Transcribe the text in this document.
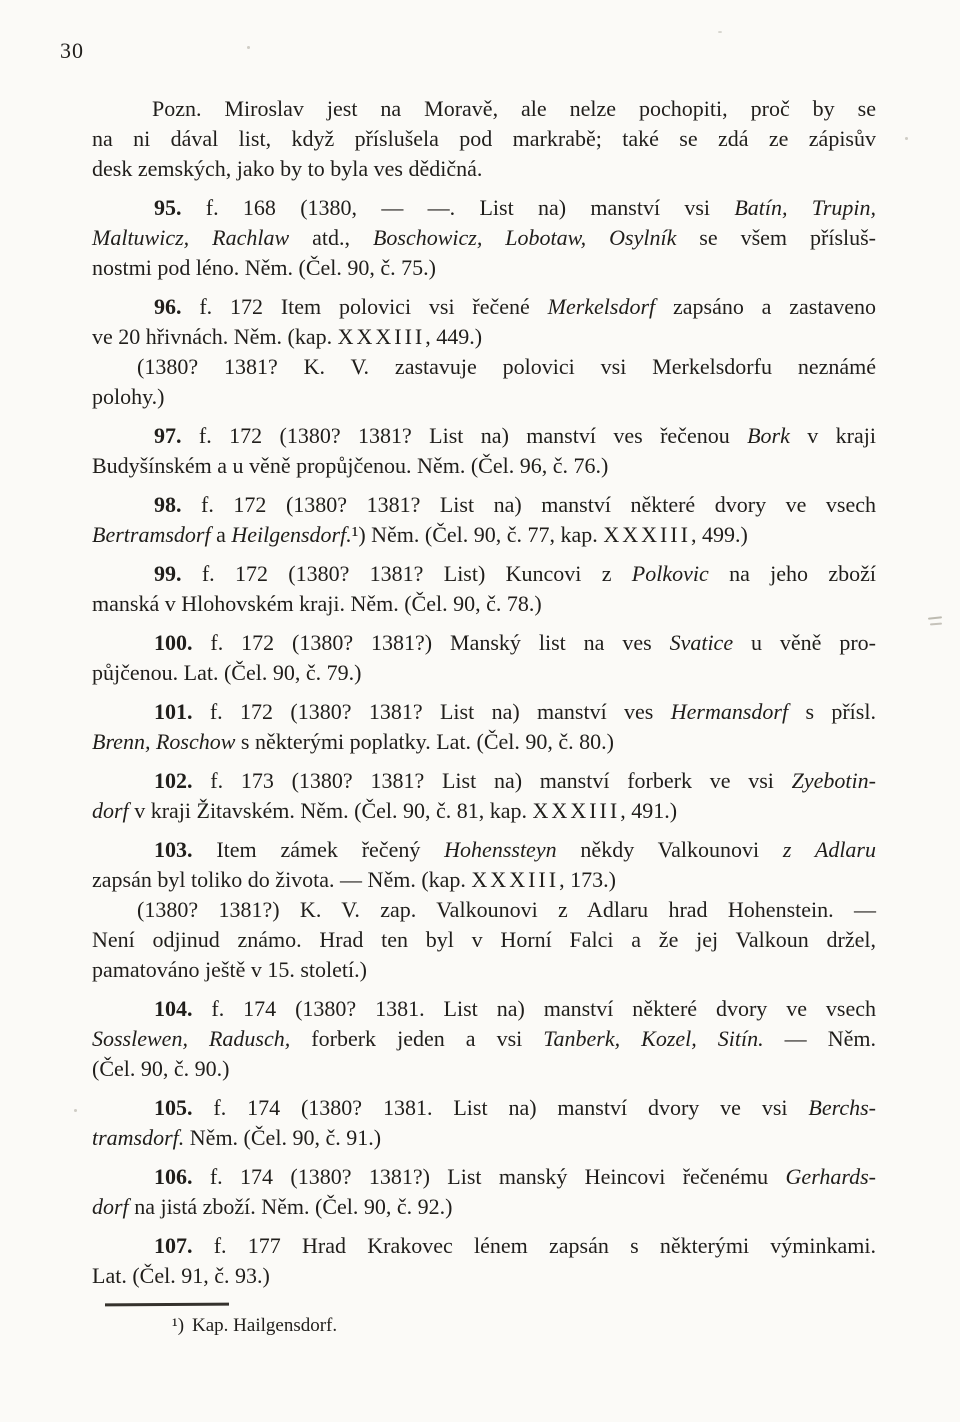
30
Pozn. Miroslav jest na Moravě, ale nelze pochopiti, proč by se
na ni dával list, když příslušela pod markrabě; také se zdá ze zápisův
desk zemských, jako by to byla ves dědičná.
95. f. 168 (1380, — —. List na) manství vsi Batín, Trupin,
Maltuwicz, Rachlaw atd., Boschowicz, Lobotaw, Osylník se všem přísluš-
nostmi pod léno. Něm. (Čel. 90, č. 75.)
96. f. 172 Item polovici vsi řečené Merkelsdorf zapsáno a zastaveno
ve 20 hřivnách. Něm. (kap. XXXIII, 449.)
(1380? 1381? K. V. zastavuje polovici vsi Merkelsdorfu neznámé
polohy.)
97. f. 172 (1380? 1381? List na) manství ves řečenou Bork v kraji
Budyšínském a u věně propůjčenou. Něm. (Čel. 96, č. 76.)
98. f. 172 (1380? 1381? List na) manství některé dvory ve vsech
Bertramsdorf a Heilgensdorf.¹) Něm. (Čel. 90, č. 77, kap. XXXIII, 499.)
99. f. 172 (1380? 1381? List) Kuncovi z Polkovic na jeho zboží
manská v Hlohovském kraji. Něm. (Čel. 90, č. 78.)
100. f. 172 (1380? 1381?) Manský list na ves Svatice u věně pro-
půjčenou. Lat. (Čel. 90, č. 79.)
101. f. 172 (1380? 1381? List na) manství ves Hermansdorf s přísl.
Brenn, Roschow s některými poplatky. Lat. (Čel. 90, č. 80.)
102. f. 173 (1380? 1381? List na) manství forberk ve vsi Zyebotin-
dorf v kraji Žitavském. Něm. (Čel. 90, č. 81, kap. XXXIII, 491.)
103. Item zámek řečený Hohenssteyn někdy Valkounovi z Adlaru
zapsán byl toliko do života. — Něm. (kap. XXXIII, 173.)
(1380? 1381?) K. V. zap. Valkounovi z Adlaru hrad Hohenstein. —
Není odjinud známo. Hrad ten byl v Horní Falci a že jej Valkoun držel,
pamatováno ještě v 15. století.)
104. f. 174 (1380? 1381. List na) manství některé dvory ve vsech
Sosslewen, Radusch, forberk jeden a vsi Tanberk, Kozel, Sitín. — Něm.
(Čel. 90, č. 90.)
105. f. 174 (1380? 1381. List na) manství dvory ve vsi Berchs-
tramsdorf. Něm. (Čel. 90, č. 91.)
106. f. 174 (1380? 1381?) List manský Heincovi řečenému Gerhards-
dorf na jistá zboží. Něm. (Čel. 90, č. 92.)
107. f. 177 Hrad Krakovec lénem zapsán s některými výminkami.
Lat. (Čel. 91, č. 93.)
¹) Kap. Hailgensdorf.
